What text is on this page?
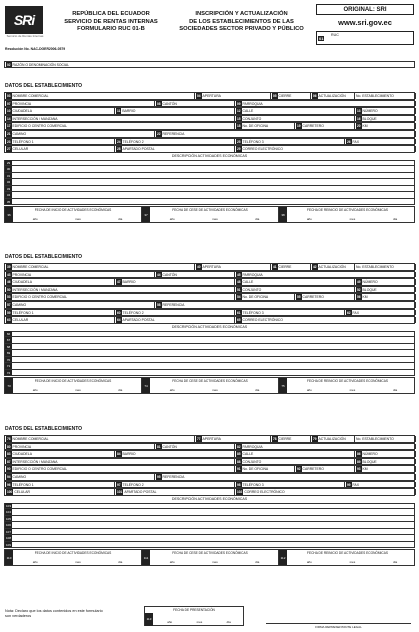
SRi
Servicio de Rentas Internas
REPÚBLICA DEL ECUADOR
SERVICIO DE RENTAS INTERNAS
FORMULARIO RUC 01-B
INSCRIPCIÓN Y ACTUALIZACIÓN
DE LOS ESTABLECIMIENTOS DE LAS
SOCIEDADES SECTOR PRIVADO Y PÚBLICO
ORIGINAL: SRI
www.sri.gov.ec
01
RUC
Resolución No. NAC-DGER2006-0579
02 RAZÓN O DENOMINACIÓN SOCIAL
DATOS DEL ESTABLECIMIENTO
03 NOMBRE COMERCIAL	04 APERTURA	05 CIERRE	06 ACTUALIZACIÓN	No. ESTABLECIMIENTO
07 PROVINCIA	08 CANTÓN	09 PARROQUIA
10 CIUDADELA	11 BARRIO	12 CALLE	13 NÚMERO
14 INTERSECCIÓN / MANZANA	15 CONJUNTO	16 BLOQUE
17 EDIFICIO O CENTRO COMERCIAL	18 No. DE OFICINA	19 CARRETERO	20 KM
21 CAMINO	22 REFERENCIA
23 TELÉFONO 1	24 TELÉFONO 2	25 TELÉFONO 3	26 FAX
27 CELULAR	28 APARTADO POSTAL	29 CORREO ELECTRÓNICO
DESCRIPCIÓN ACTIVIDADES ECONÓMICAS
29
30
31
32
33
34
35
36
FECHA DE INICIO DE ACTIVIDADES ECONÓMICAS
año	mes	día
37
FECHA DE CESE DE ACTIVIDADES ECONÓMICAS
año	mes	día
38
FECHA DE REINICIO DE ACTIVIDADES ECONÓMICAS
año	mes	día
DATOS DEL ESTABLECIMIENTO
39 NOMBRE COMERCIAL	40 APERTURA	41 CIERRE	42 ACTUALIZACIÓN	No. ESTABLECIMIENTO
43 PROVINCIA	44 CANTÓN	45 PARROQUIA
46 CIUDADELA	47 BARRIO	48 CALLE	49 NÚMERO
50 INTERSECCIÓN / MANZANA	51 CONJUNTO	52 BLOQUE
53 EDIFICIO O CENTRO COMERCIAL	54 No. DE OFICINA	55 CARRETERO	56 KM
57 CAMINO	58 REFERENCIA
59 TELÉFONO 1	60 TELÉFONO 2	61 TELÉFONO 3	62 FAX
63 CELULAR	64 APARTADO POSTAL	65 CORREO ELECTRÓNICO
DESCRIPCIÓN ACTIVIDADES ECONÓMICAS
66
67
68
69
70
71
72
73
FECHA DE INICIO DE ACTIVIDADES ECONÓMICAS
año	mes	día
74
FECHA DE CESE DE ACTIVIDADES ECONÓMICAS
año	mes	día
75
FECHA DE REINICIO DE ACTIVIDADES ECONÓMICAS
año	mes	día
DATOS DEL ESTABLECIMIENTO
76 NOMBRE COMERCIAL	77 APERTURA	78 CIERRE	79 ACTUALIZACIÓN	No. ESTABLECIMIENTO
80 PROVINCIA	81 CANTÓN	82 PARROQUIA
83 CIUDADELA	84 BARRIO	85 CALLE	86 NÚMERO
87 INTERSECCIÓN / MANZANA	88 CONJUNTO	89 BLOQUE
90 EDIFICIO O CENTRO COMERCIAL	91 No. DE OFICINA	92 CARRETERO	93 KM
94 CAMINO	95 REFERENCIA
96 TELÉFONO 1	97 TELÉFONO 2	98 TELÉFONO 3	99 FAX
100 CELULAR	101 APARTADO POSTAL	102 CORREO ELECTRÓNICO
DESCRIPCIÓN ACTIVIDADES ECONÓMICAS
103
104
105
106
107
108
109
110
FECHA DE INICIO DE ACTIVIDADES ECONÓMICAS
año	mes	día
111
FECHA DE CESE DE ACTIVIDADES ECONÓMICAS
año	mes	día
112
FECHA DE REINICIO DE ACTIVIDADES ECONÓMICAS
año	mes	día
Nota: Declaro que los datos contenidos en este formulario
son verdaderos
FECHA DE PRESENTACIÓN
113
año	mes	día
FIRMA REPRESENTANTE LEGAL
